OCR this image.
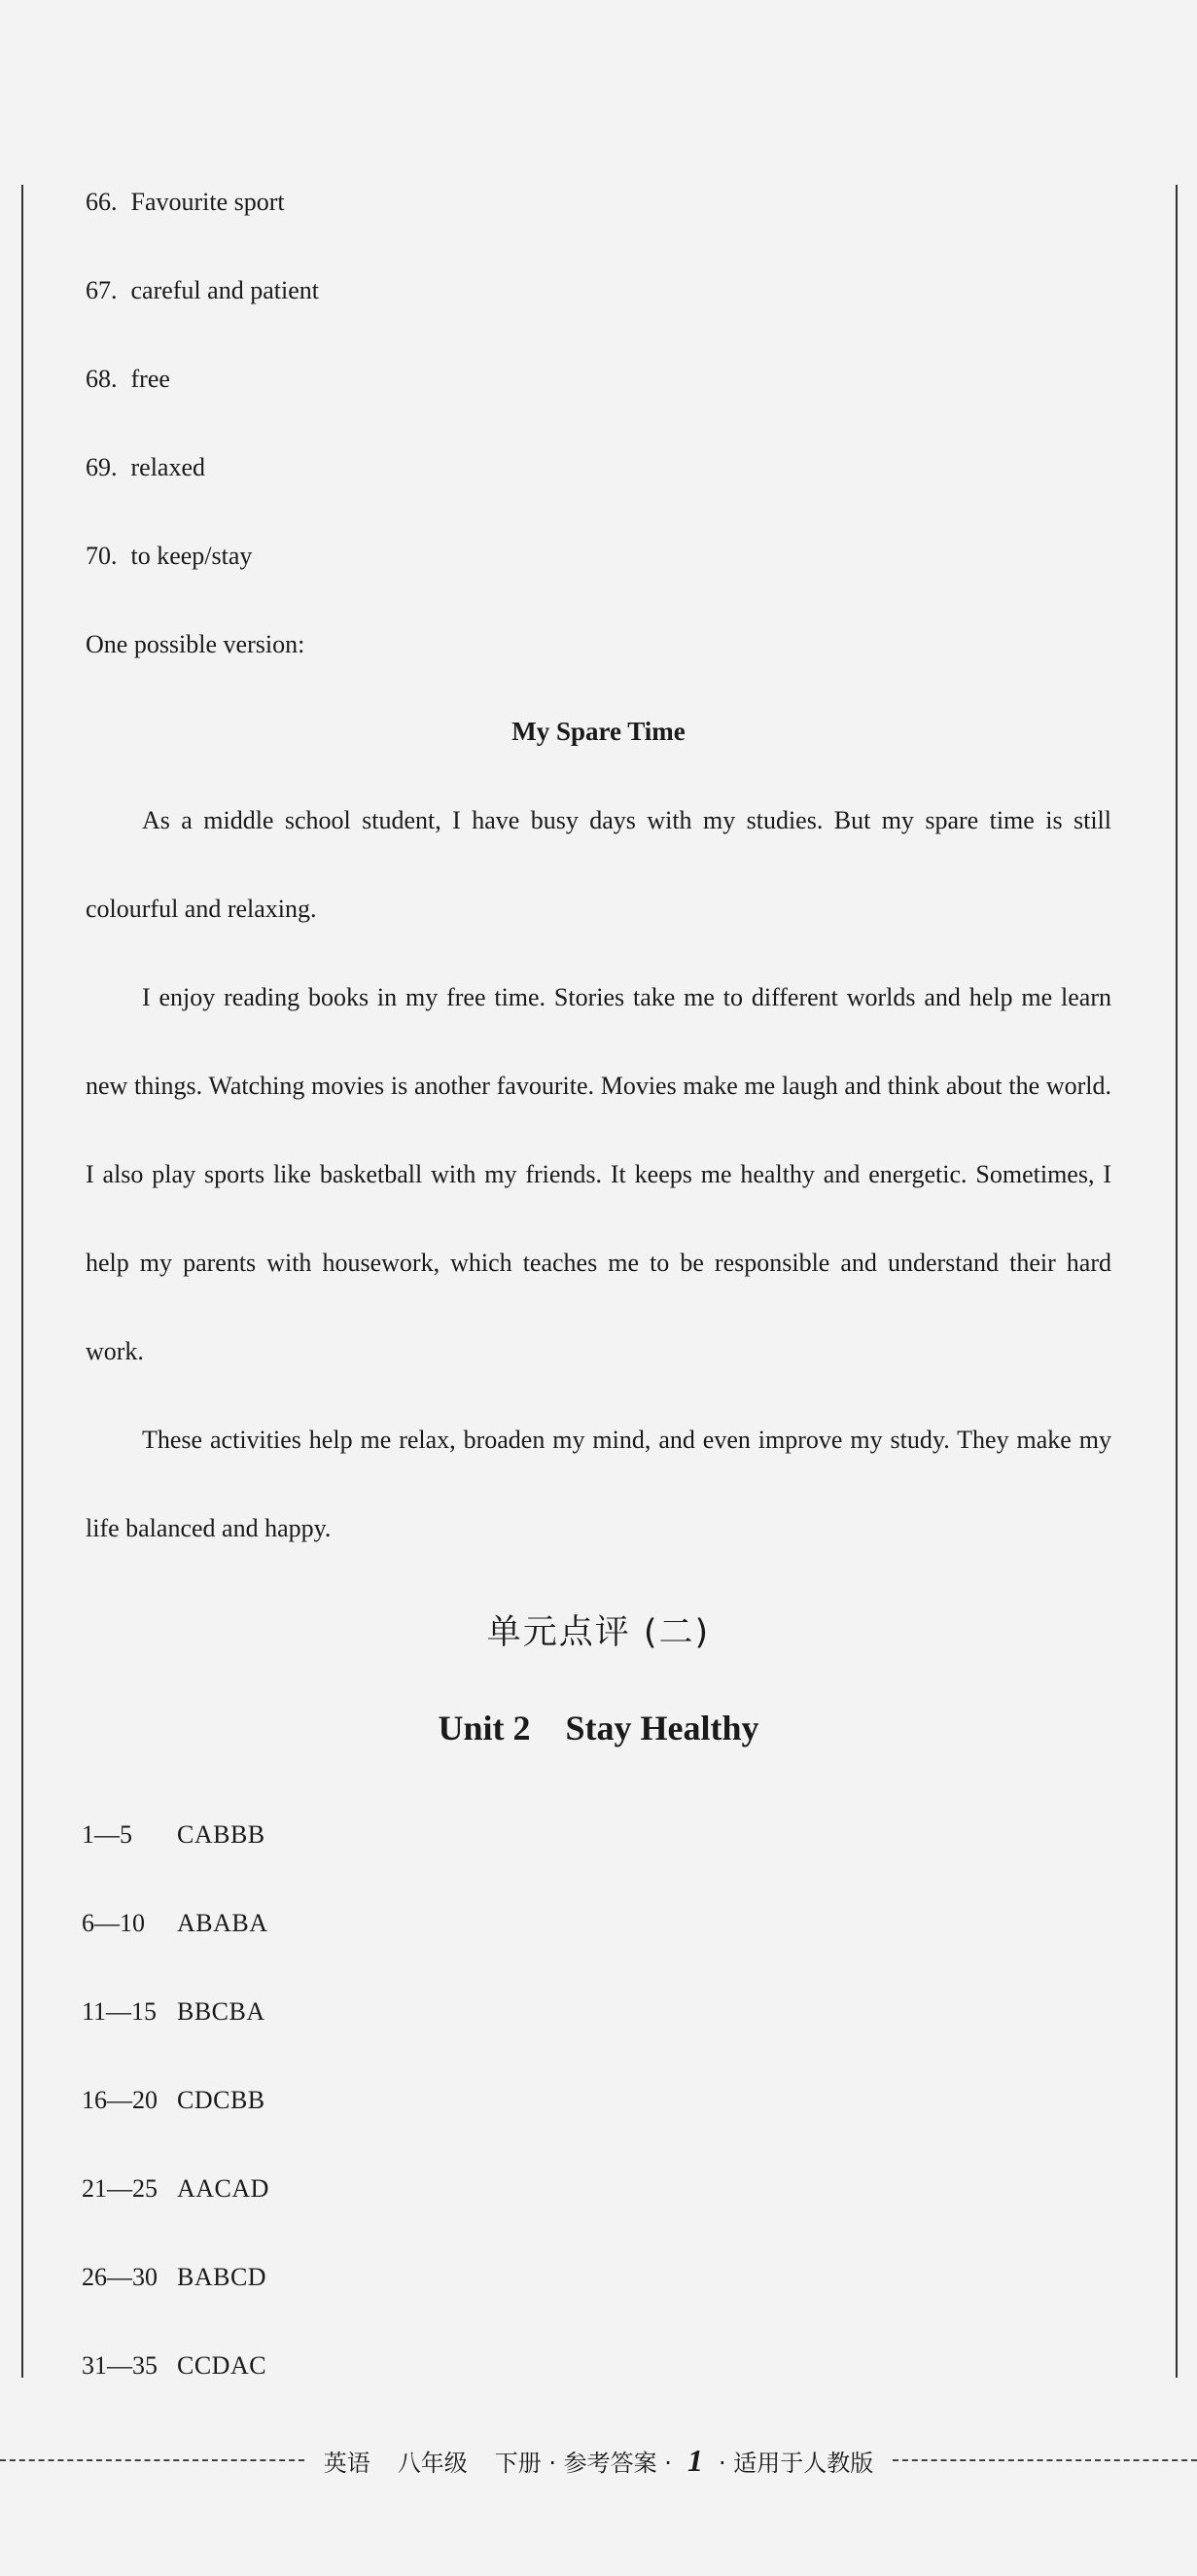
66. Favourite sport
67. careful and patient
68. free
69. relaxed
70. to keep/stay
One possible version:
My Spare Time
As a middle school student, I have busy days with my studies. But my spare time is still colourful and relaxing.
I enjoy reading books in my free time. Stories take me to different worlds and help me learn new things. Watching movies is another favourite. Movies make me laugh and think about the world. I also play sports like basketball with my friends. It keeps me healthy and energetic. Sometimes, I help my parents with housework, which teaches me to be responsible and understand their hard work.
These activities help me relax, broaden my mind, and even improve my study. They make my life balanced and happy.
单元点评 (二)
Unit 2 Stay Healthy
1—5 CABBB
6—10 ABABA
11—15 BBCBA
16—20 CDCBB
21—25 AACAD
26—30 BABCD
31—35 CCDAC
英语 八年级 下册 · 参考答案 · 1 · 适用于人教版
